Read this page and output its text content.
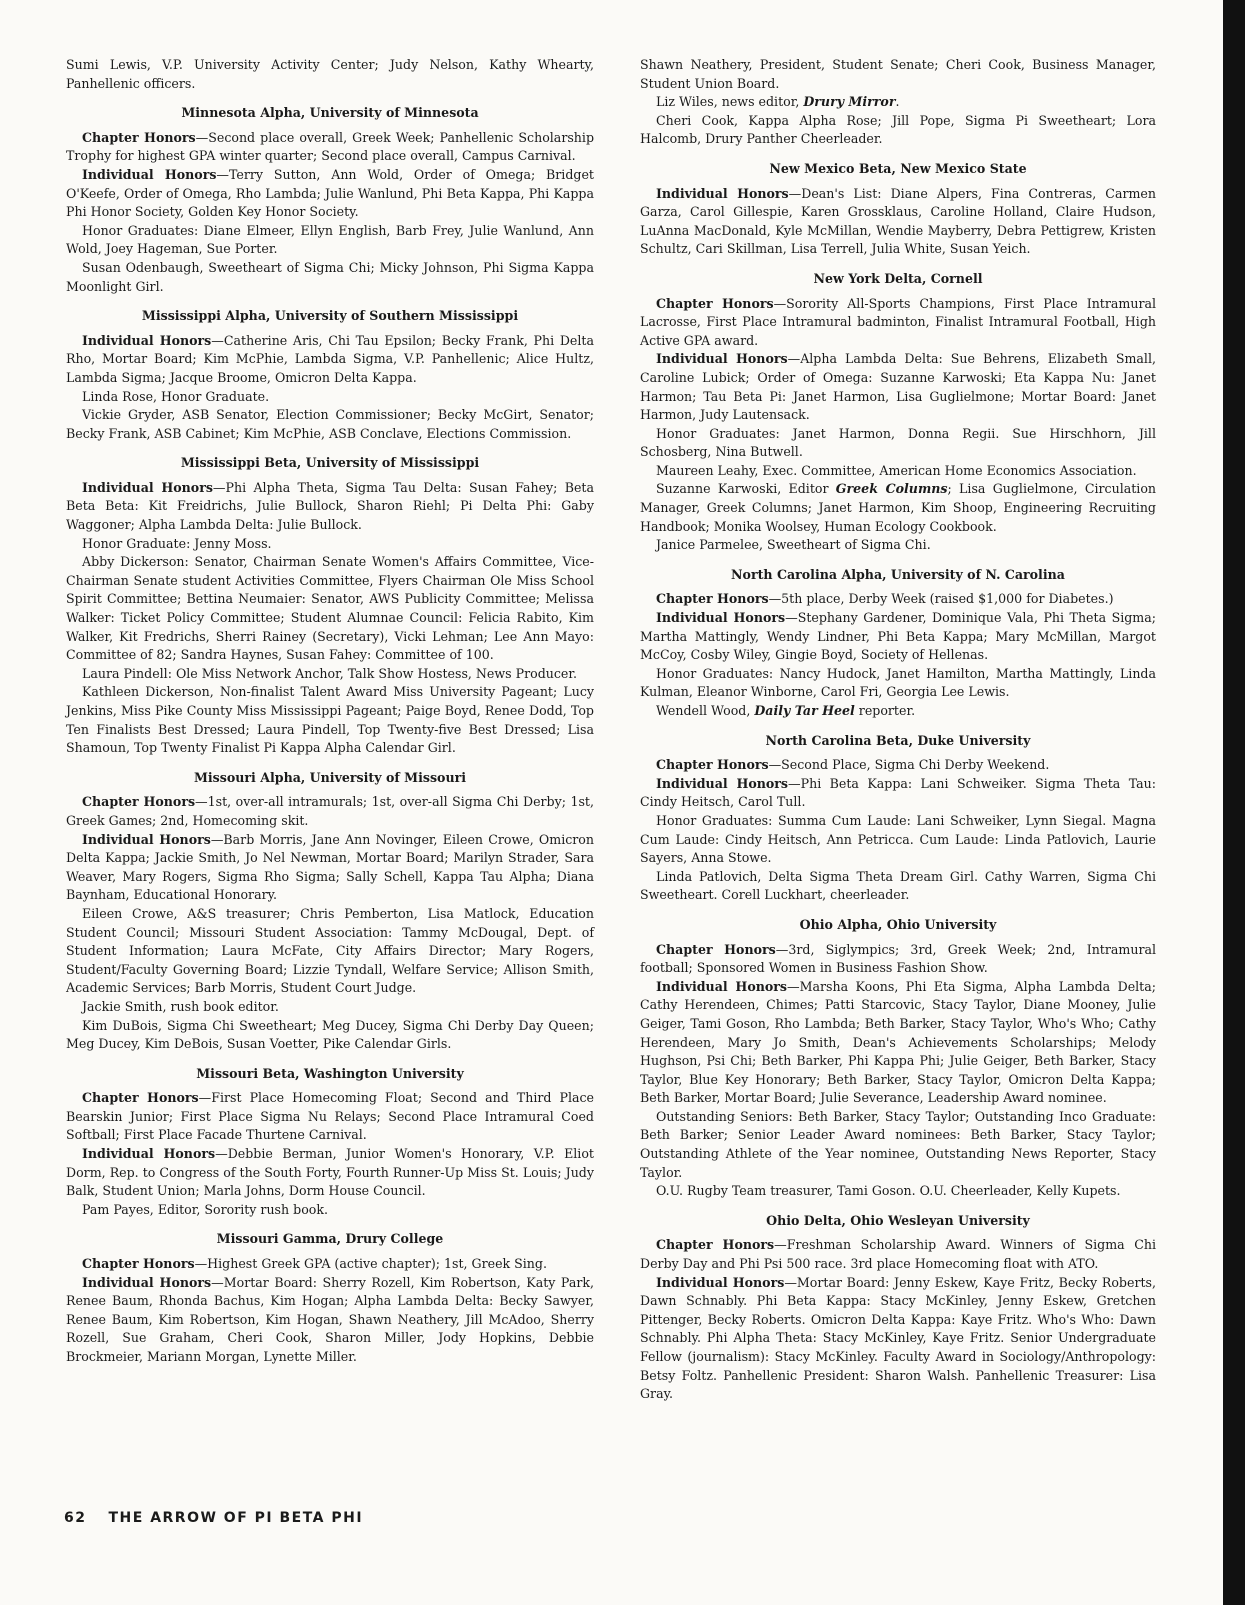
Sumi Lewis, V.P. University Activity Center; Judy Nelson, Kathy Whearty, Panhellenic officers.

Minnesota Alpha, University of Minnesota

Chapter Honors—Second place overall, Greek Week; Panhellenic Scholarship Trophy for highest GPA winter quarter; Second place overall, Campus Carnival.

Individual Honors—Terry Sutton, Ann Wold, Order of Omega; Bridget O'Keefe, Order of Omega, Rho Lambda; Julie Wanlund, Phi Beta Kappa, Phi Kappa Phi Honor Society, Golden Key Honor Society.

Honor Graduates: Diane Elmeer, Ellyn English, Barb Frey, Julie Wanlund, Ann Wold, Joey Hageman, Sue Porter.

Susan Odenbaugh, Sweetheart of Sigma Chi; Micky Johnson, Phi Sigma Kappa Moonlight Girl.

Mississippi Alpha, University of Southern Mississippi

Individual Honors—Catherine Aris, Chi Tau Epsilon; Becky Frank, Phi Delta Rho, Mortar Board; Kim McPhie, Lambda Sigma, V.P. Panhellenic; Alice Hultz, Lambda Sigma; Jacque Broome, Omicron Delta Kappa.

Linda Rose, Honor Graduate.

Vickie Gryder, ASB Senator, Election Commissioner; Becky McGirt, Senator; Becky Frank, ASB Cabinet; Kim McPhie, ASB Conclave, Elections Commission.

Mississippi Beta, University of Mississippi

Individual Honors—Phi Alpha Theta, Sigma Tau Delta: Susan Fahey; Beta Beta Beta: Kit Freidrichs, Julie Bullock, Sharon Riehl; Pi Delta Phi: Gaby Waggoner; Alpha Lambda Delta: Julie Bullock.

Honor Graduate: Jenny Moss.

Abby Dickerson: Senator, Chairman Senate Women's Affairs Committee, Vice-Chairman Senate student Activities Committee, Flyers Chairman Ole Miss School Spirit Committee; Bettina Neumaier: Senator, AWS Publicity Committee; Melissa Walker: Ticket Policy Committee; Student Alumnae Council: Felicia Rabito, Kim Walker, Kit Fredrichs, Sherri Rainey (Secretary), Vicki Lehman; Lee Ann Mayo: Committee of 82; Sandra Haynes, Susan Fahey: Committee of 100.

Laura Pindell: Ole Miss Network Anchor, Talk Show Hostess, News Producer.

Kathleen Dickerson, Non-finalist Talent Award Miss University Pageant; Lucy Jenkins, Miss Pike County Miss Mississippi Pageant; Paige Boyd, Renee Dodd, Top Ten Finalists Best Dressed; Laura Pindell, Top Twenty-five Best Dressed; Lisa Shamoun, Top Twenty Finalist Pi Kappa Alpha Calendar Girl.

Missouri Alpha, University of Missouri

Chapter Honors—1st, over-all intramurals; 1st, over-all Sigma Chi Derby; 1st, Greek Games; 2nd, Homecoming skit.

Individual Honors—Barb Morris, Jane Ann Novinger, Eileen Crowe, Omicron Delta Kappa; Jackie Smith, Jo Nel Newman, Mortar Board; Marilyn Strader, Sara Weaver, Mary Rogers, Sigma Rho Sigma; Sally Schell, Kappa Tau Alpha; Diana Baynham, Educational Honorary.

Eileen Crowe, A&S treasurer; Chris Pemberton, Lisa Matlock, Education Student Council; Missouri Student Association: Tammy McDougal, Dept. of Student Information; Laura McFate, City Affairs Director; Mary Rogers, Student/Faculty Governing Board; Lizzie Tyndall, Welfare Service; Allison Smith, Academic Services; Barb Morris, Student Court Judge.

Jackie Smith, rush book editor.

Kim DuBois, Sigma Chi Sweetheart; Meg Ducey, Sigma Chi Derby Day Queen; Meg Ducey, Kim DeBois, Susan Voetter, Pike Calendar Girls.

Missouri Beta, Washington University

Chapter Honors—First Place Homecoming Float; Second and Third Place Bearskin Junior; First Place Sigma Nu Relays; Second Place Intramural Coed Softball; First Place Facade Thurtene Carnival.

Individual Honors—Debbie Berman, Junior Women's Honorary, V.P. Eliot Dorm, Rep. to Congress of the South Forty, Fourth Runner-Up Miss St. Louis; Judy Balk, Student Union; Marla Johns, Dorm House Council.

Pam Payes, Editor, Sorority rush book.

Missouri Gamma, Drury College

Chapter Honors—Highest Greek GPA (active chapter); 1st, Greek Sing.

Individual Honors—Mortar Board: Sherry Rozell, Kim Robertson, Katy Park, Renee Baum, Rhonda Bachus, Kim Hogan; Alpha Lambda Delta: Becky Sawyer, Renee Baum, Kim Robertson, Kim Hogan, Shawn Neathery, Jill McAdoo, Sherry Rozell, Sue Graham, Cheri Cook, Sharon Miller, Jody Hopkins, Debbie Brockmeier, Mariann Morgan, Lynette Miller.

Shawn Neathery, President, Student Senate; Cheri Cook, Business Manager, Student Union Board.

Liz Wiles, news editor, Drury Mirror.

Cheri Cook, Kappa Alpha Rose; Jill Pope, Sigma Pi Sweetheart; Lora Halcomb, Drury Panther Cheerleader.

New Mexico Beta, New Mexico State

Individual Honors—Dean's List: Diane Alpers, Fina Contreras, Carmen Garza, Carol Gillespie, Karen Grossklaus, Caroline Holland, Claire Hudson, LuAnna MacDonald, Kyle McMillan, Wendie Mayberry, Debra Pettigrew, Kristen Schultz, Cari Skillman, Lisa Terrell, Julia White, Susan Yeich.

New York Delta, Cornell

Chapter Honors—Sorority All-Sports Champions, First Place Intramural Lacrosse, First Place Intramural badminton, Finalist Intramural Football, High Active GPA award.

Individual Honors—Alpha Lambda Delta: Sue Behrens, Elizabeth Small, Caroline Lubick; Order of Omega: Suzanne Karwoski; Eta Kappa Nu: Janet Harmon; Tau Beta Pi: Janet Harmon, Lisa Guglielmone; Mortar Board: Janet Harmon, Judy Lautensack.

Honor Graduates: Janet Harmon, Donna Regii. Sue Hirschhorn, Jill Schosberg, Nina Butwell.

Maureen Leahy, Exec. Committee, American Home Economics Association.

Suzanne Karwoski, Editor Greek Columns; Lisa Guglielmone, Circulation Manager, Greek Columns; Janet Harmon, Kim Shoop, Engineering Recruiting Handbook; Monika Woolsey, Human Ecology Cookbook.

Janice Parmelee, Sweetheart of Sigma Chi.

North Carolina Alpha, University of N. Carolina

Chapter Honors—5th place, Derby Week (raised $1,000 for Diabetes.)

Individual Honors—Stephany Gardener, Dominique Vala, Phi Theta Sigma; Martha Mattingly, Wendy Lindner, Phi Beta Kappa; Mary McMillan, Margot McCoy, Cosby Wiley, Gingie Boyd, Society of Hellenas.

Honor Graduates: Nancy Hudock, Janet Hamilton, Martha Mattingly, Linda Kulman, Eleanor Winborne, Carol Fri, Georgia Lee Lewis.

Wendell Wood, Daily Tar Heel reporter.

North Carolina Beta, Duke University

Chapter Honors—Second Place, Sigma Chi Derby Weekend.

Individual Honors—Phi Beta Kappa: Lani Schweiker. Sigma Theta Tau: Cindy Heitsch, Carol Tull.

Honor Graduates: Summa Cum Laude: Lani Schweiker, Lynn Siegal. Magna Cum Laude: Cindy Heitsch, Ann Petricca. Cum Laude: Linda Patlovich, Laurie Sayers, Anna Stowe.

Linda Patlovich, Delta Sigma Theta Dream Girl. Cathy Warren, Sigma Chi Sweetheart. Corell Luckhart, cheerleader.

Ohio Alpha, Ohio University

Chapter Honors—3rd, Siglympics; 3rd, Greek Week; 2nd, Intramural football; Sponsored Women in Business Fashion Show.

Individual Honors—Marsha Koons, Phi Eta Sigma, Alpha Lambda Delta; Cathy Herendeen, Chimes; Patti Starcovic, Stacy Taylor, Diane Mooney, Julie Geiger, Tami Goson, Rho Lambda; Beth Barker, Stacy Taylor, Who's Who; Cathy Herendeen, Mary Jo Smith, Dean's Achievements Scholarships; Melody Hughson, Psi Chi; Beth Barker, Phi Kappa Phi; Julie Geiger, Beth Barker, Stacy Taylor, Blue Key Honorary; Beth Barker, Stacy Taylor, Omicron Delta Kappa; Beth Barker, Mortar Board; Julie Severance, Leadership Award nominee.

Outstanding Seniors: Beth Barker, Stacy Taylor; Outstanding Inco Graduate: Beth Barker; Senior Leader Award nominees: Beth Barker, Stacy Taylor; Outstanding Athlete of the Year nominee, Outstanding News Reporter, Stacy Taylor.

O.U. Rugby Team treasurer, Tami Goson. O.U. Cheerleader, Kelly Kupets.

Ohio Delta, Ohio Wesleyan University

Chapter Honors—Freshman Scholarship Award. Winners of Sigma Chi Derby Day and Phi Psi 500 race. 3rd place Homecoming float with ATO.

Individual Honors—Mortar Board: Jenny Eskew, Kaye Fritz, Becky Roberts, Dawn Schnably. Phi Beta Kappa: Stacy McKinley, Jenny Eskew, Gretchen Pittenger, Becky Roberts. Omicron Delta Kappa: Kaye Fritz. Who's Who: Dawn Schnably. Phi Alpha Theta: Stacy McKinley, Kaye Fritz. Senior Undergraduate Fellow (journalism): Stacy McKinley. Faculty Award in Sociology/Anthropology: Betsy Foltz. Panhellenic President: Sharon Walsh. Panhellenic Treasurer: Lisa Gray.

62 THE ARROW OF PI BETA PHI
